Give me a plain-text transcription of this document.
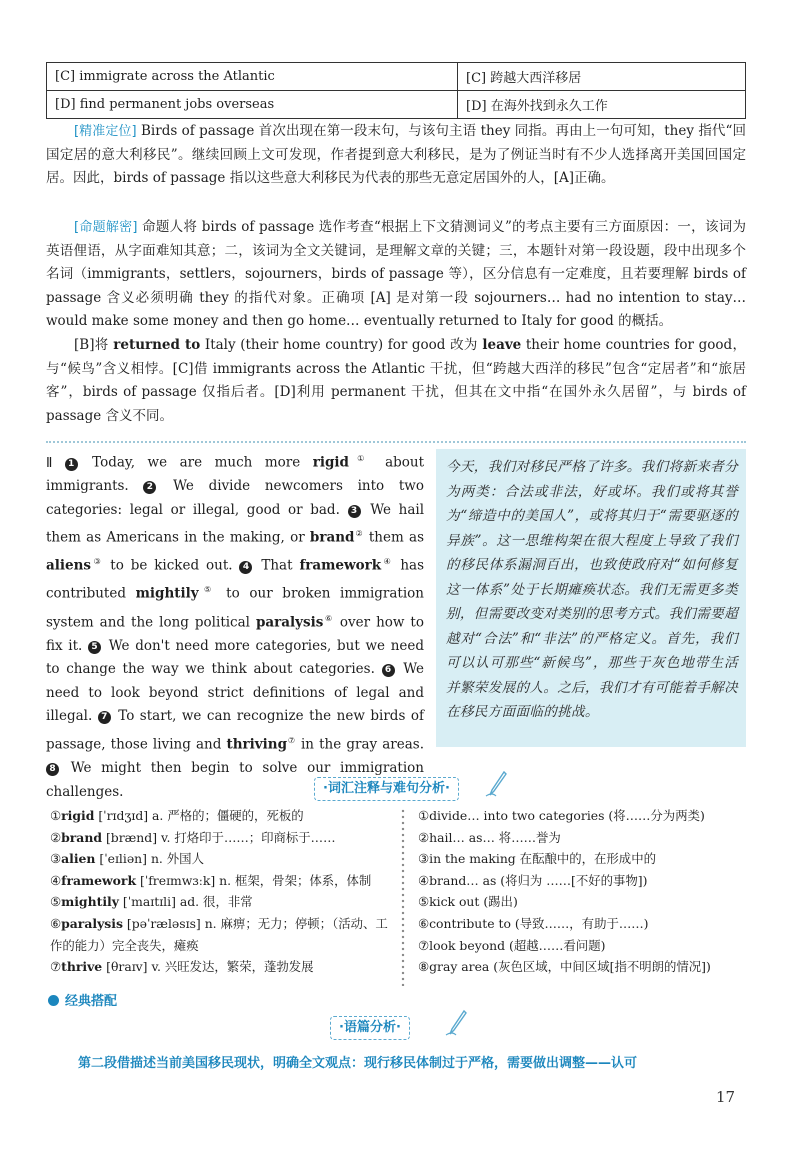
[C] immigrate across the Atlantic	[C] 跨越大西洋移居
[D] find permanent jobs overseas	[D] 在海外找到永久工作
[精准定位] Birds of passage 首次出现在第一段末句，与该句主语 they 同指。再由上一句可知，they 指代“回国定居的意大利移民”。继续回顾上文可发现，作者提到意大利移民，是为了例证当时有不少人选择离开美国回国定居。因此，birds of passage 指以这些意大利移民为代表的那些无意定居国外的人，[A]正确。
[命题解密] 命题人将 birds of passage 选作考查“根据上下文猜测词义”的考点主要有三方面原因：一，该词为英语俚语，从字面难知其意；二，该词为全文关键词，是理解文章的关键；三，本题针对第一段设题，段中出现多个名词（immigrants，settlers，sojourners，birds of passage 等），区分信息有一定难度，且若要理解 birds of passage 含义必须明确 they 的指代对象。正确项 [A] 是对第一段 sojourners… had no intention to stay… would make some money and then go home… eventually returned to Italy for good 的概括。
[B]将 returned to Italy (their home country) for good 改为 leave their home countries for good，与“候鸟”含义相悖。[C]借 immigrants across the Atlantic 干扰，但“跨越大西洋的移民”包含“定居者”和“旅居客”，birds of passage 仅指后者。[D]利用 permanent 干扰，但其在文中指“在国外永久居留”，与 birds of passage 含义不同。
Ⅱ 1 Today, we are much more rigid① about immigrants. 2 We divide newcomers into two categories: legal or illegal, good or bad. 3 We hail them as Americans in the making, or brand② them as aliens③ to be kicked out. 4 That framework④ has contributed mightily⑤ to our broken immigration system and the long political paralysis⑥ over how to fix it. 5 We don't need more categories, but we need to change the way we think about categories. 6 We need to look beyond strict definitions of legal and illegal. 7 To start, we can recognize the new birds of passage, those living and thriving⑦ in the gray areas. 8 We might then begin to solve our immigration challenges.
今天，我们对移民严格了许多。我们将新来者分为两类：合法或非法，好或坏。我们或将其誉为“缔造中的美国人”，或将其归于“需要驱逐的异族”。这一思维构架在很大程度上导致了我们的移民体系漏洞百出，也致使政府对“如何修复这一体系”处于长期瘫痪状态。我们无需更多类别，但需要改变对类别的思考方式。我们需要超越对“合法”和“非法”的严格定义。首先，我们可以认可那些“新候鸟”，那些于灰色地带生活并繁荣发展的人。之后，我们才有可能着手解决在移民方面面临的挑战。
·词汇注释与难句分析·
①rigid [ˈrɪdʒɪd] a. 严格的；僵硬的，死板的
②brand [brænd] v. 打烙印于……；印商标于……
③alien [ˈeɪliən] n. 外国人
④framework [ˈfreɪmwɜːk] n. 框架，骨架；体系，体制
⑤mightily [ˈmaɪtɪli] ad. 很，非常
⑥paralysis [pəˈræləsɪs] n. 麻痹；无力；停顿；（活动、工作的能力）完全丧失，瘫痪
⑦thrive [θraɪv] v. 兴旺发达，繁荣，蓬勃发展
①divide… into two categories (将……分为两类)
②hail… as… 将……誉为
③in the making 在酝酿中的，在形成中的
④brand… as (将归为 ……[不好的事物])
⑤kick out (踢出)
⑥contribute to (导致……，有助于……)
⑦look beyond (超越……看问题)
⑧gray area (灰色区域，中间区域[指不明朗的情况])
经典搭配
·语篇分析·
第二段借描述当前美国移民现状，明确全文观点：现行移民体制过于严格，需要做出调整——认可
17
